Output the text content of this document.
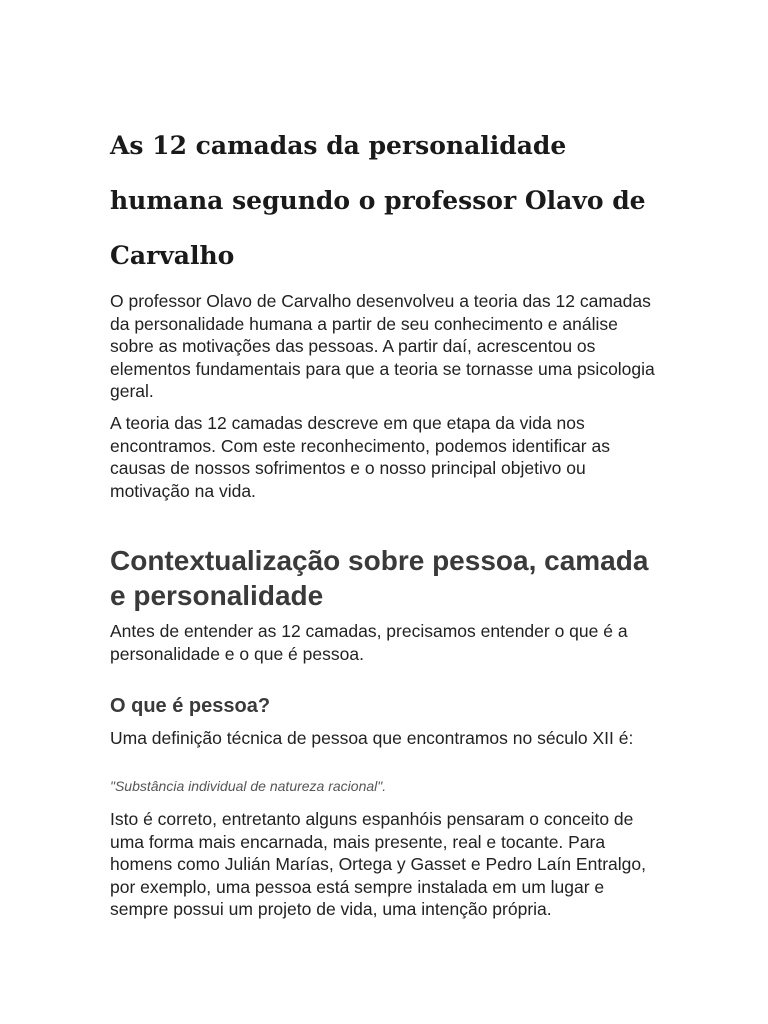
As 12 camadas da personalidade humana segundo o professor Olavo de Carvalho

O professor Olavo de Carvalho desenvolveu a teoria das 12 camadas da personalidade humana a partir de seu conhecimento e análise sobre as motivações das pessoas. A partir daí, acrescentou os elementos fundamentais para que a teoria se tornasse uma psicologia geral.

A teoria das 12 camadas descreve em que etapa da vida nos encontramos. Com este reconhecimento, podemos identificar as causas de nossos sofrimentos e o nosso principal objetivo ou motivação na vida.

Contextualização sobre pessoa, camada e personalidade

Antes de entender as 12 camadas, precisamos entender o que é a personalidade e o que é pessoa.

O que é pessoa?

Uma definição técnica de pessoa que encontramos no século XII é:

"Substância individual de natureza racional".

Isto é correto, entretanto alguns espanhóis pensaram o conceito de uma forma mais encarnada, mais presente, real e tocante. Para homens como Julián Marías, Ortega y Gasset e Pedro Laín Entralgo, por exemplo, uma pessoa está sempre instalada em um lugar e sempre possui um projeto de vida, uma intenção própria.
